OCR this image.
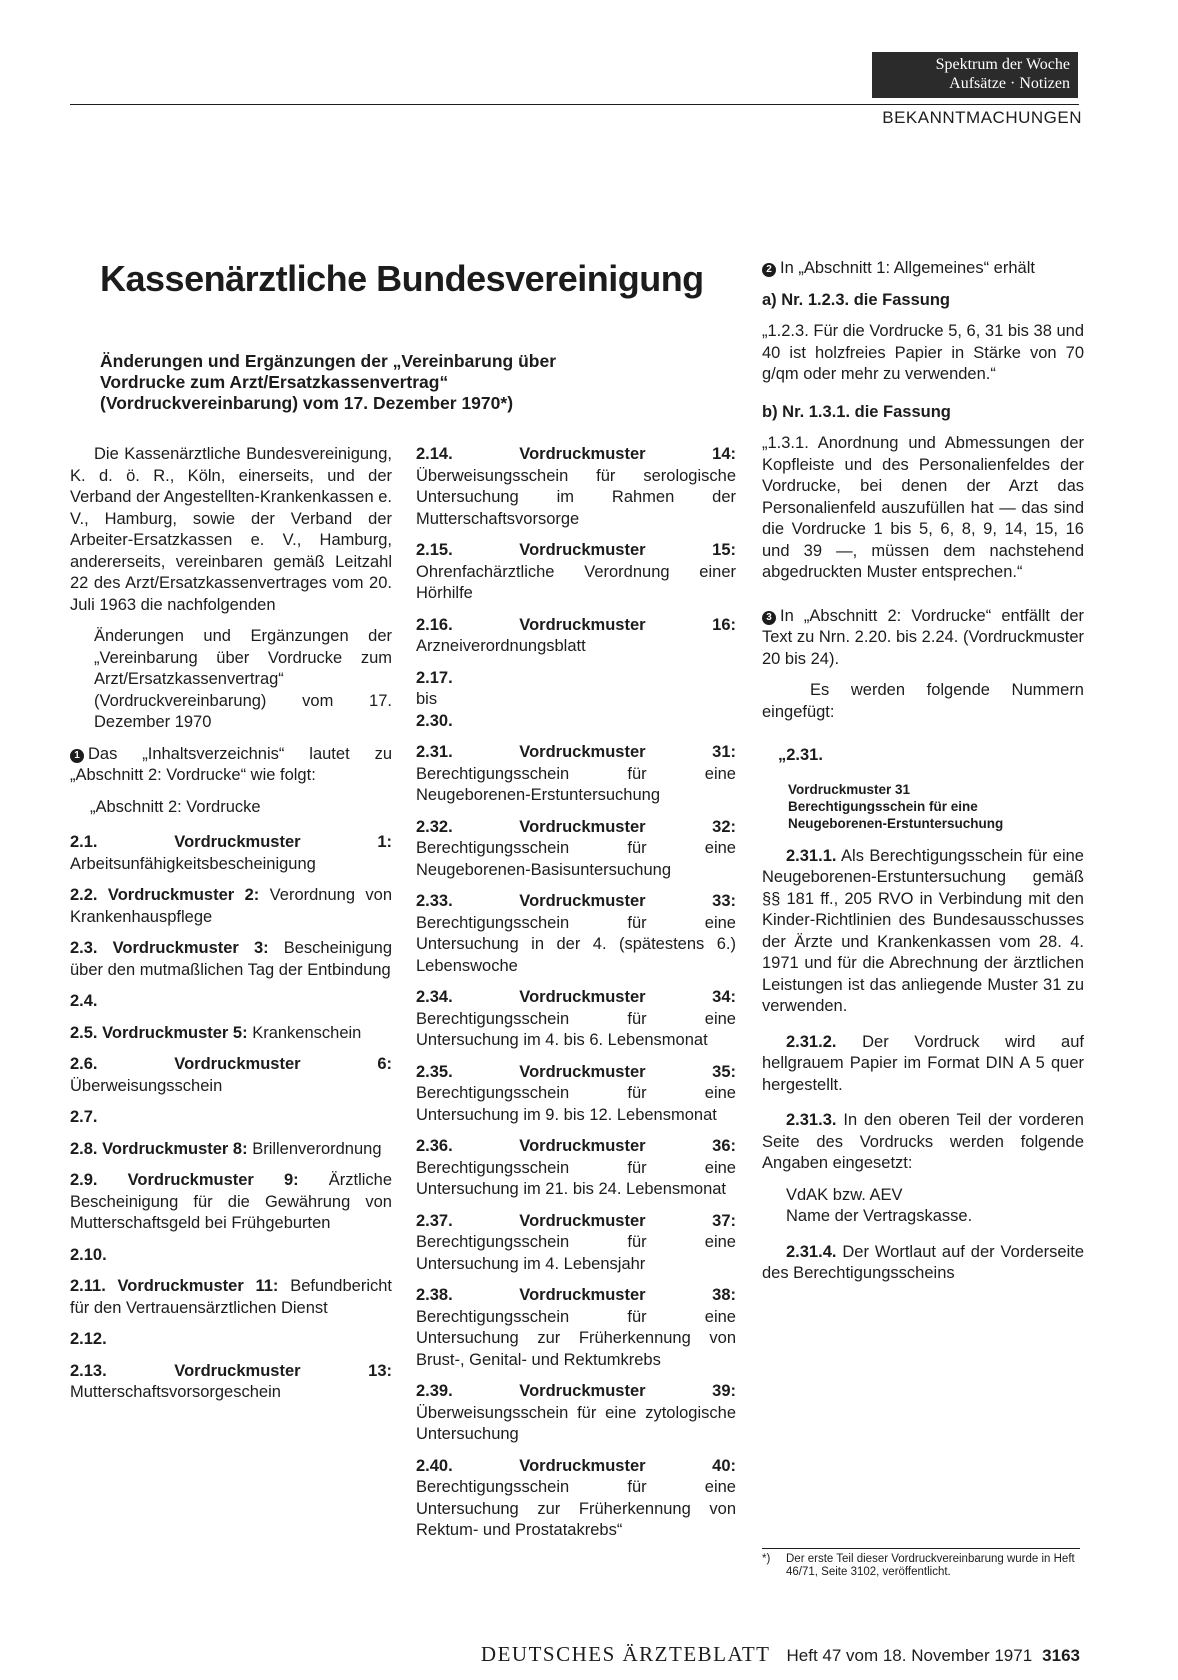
Spektrum der Woche
Aufsätze · Notizen
BEKANNTMACHUNGEN
Kassenärztliche Bundesvereinigung
Änderungen und Ergänzungen der „Vereinbarung über
Vordrucke zum Arzt/Ersatzkassenvertrag“
(Vordruckvereinbarung) vom 17. Dezember 1970*)

Die Kassenärztliche Bundesvereinigung, K. d. ö. R., Köln, einerseits, und der Verband der Angestellten-Krankenkassen e. V., Hamburg, sowie der Verband der Arbeiter-Ersatzkassen e. V., Hamburg, andererseits, vereinbaren gemäß Leitzahl 22 des Arzt/Ersatzkassenvertrages vom 20. Juli 1963 die nachfolgenden

Änderungen und Ergänzungen der „Vereinbarung über Vordrucke zum Arzt/Ersatzkassenvertrag“ (Vordruckvereinbarung) vom 17. Dezember 1970

1 Das „Inhaltsverzeichnis“ lautet zu „Abschnitt 2: Vordrucke“ wie folgt:

„Abschnitt 2: Vordrucke

2.1. Vordruckmuster 1: Arbeitsunfähigkeitsbescheinigung

2.2. Vordruckmuster 2: Verordnung von Krankenhauspflege

2.3. Vordruckmuster 3: Bescheinigung über den mutmaßlichen Tag der Entbindung

2.4.

2.5. Vordruckmuster 5: Krankenschein

2.6. Vordruckmuster 6: Überweisungsschein

2.7.

2.8. Vordruckmuster 8: Brillenverordnung

2.9. Vordruckmuster 9: Ärztliche Bescheinigung für die Gewährung von Mutterschaftsgeld bei Frühgeburten

2.10.

2.11. Vordruckmuster 11: Befundbericht für den Vertrauensärztlichen Dienst

2.12.

2.13. Vordruckmuster 13: Mutterschaftsvorsorgeschein

2.14. Vordruckmuster 14: Überweisungsschein für serologische Untersuchung im Rahmen der Mutterschaftsvorsorge

2.15. Vordruckmuster 15: Ohrenfachärztliche Verordnung einer Hörhilfe

2.16. Vordruckmuster 16: Arzneiverordnungsblatt

2.17.

bis

2.30.

2.31. Vordruckmuster 31: Berechtigungsschein für eine Neugeborenen-Erstuntersuchung

2.32. Vordruckmuster 32: Berechtigungsschein für eine Neugeborenen-Basisuntersuchung

2.33. Vordruckmuster 33: Berechtigungsschein für eine Untersuchung in der 4. (spätestens 6.) Lebenswoche

2.34. Vordruckmuster 34: Berechtigungsschein für eine Untersuchung im 4. bis 6. Lebensmonat

2.35. Vordruckmuster 35: Berechtigungsschein für eine Untersuchung im 9. bis 12. Lebensmonat

2.36. Vordruckmuster 36: Berechtigungsschein für eine Untersuchung im 21. bis 24. Lebensmonat

2.37. Vordruckmuster 37: Berechtigungsschein für eine Untersuchung im 4. Lebensjahr

2.38. Vordruckmuster 38: Berechtigungsschein für eine Untersuchung zur Früherkennung von Brust-, Genital- und Rektumkrebs

2.39. Vordruckmuster 39: Überweisungsschein für eine zytologische Untersuchung

2.40. Vordruckmuster 40: Berechtigungsschein für eine Untersuchung zur Früherkennung von Rektum- und Prostatakrebs“

2 In „Abschnitt 1: Allgemeines“ erhält

a) Nr. 1.2.3. die Fassung

„1.2.3. Für die Vordrucke 5, 6, 31 bis 38 und 40 ist holzfreies Papier in Stärke von 70 g/qm oder mehr zu verwenden.“

b) Nr. 1.3.1. die Fassung

„1.3.1. Anordnung und Abmessungen der Kopfleiste und des Personalienfeldes der Vordrucke, bei denen der Arzt das Personalienfeld auszufüllen hat — das sind die Vordrucke 1 bis 5, 6, 8, 9, 14, 15, 16 und 39 —, müssen dem nachstehend abgedruckten Muster entsprechen.“

3 In „Abschnitt 2: Vordrucke“ entfällt der Text zu Nrn. 2.20. bis 2.24. (Vordruckmuster 20 bis 24).

Es werden folgende Nummern eingefügt:

„2.31.

Vordruckmuster 31
Berechtigungsschein für eine
Neugeborenen-Erstuntersuchung

2.31.1. Als Berechtigungsschein für eine Neugeborenen-Erstuntersuchung gemäß §§ 181 ff., 205 RVO in Verbindung mit den Kinder-Richtlinien des Bundesausschusses der Ärzte und Krankenkassen vom 28. 4. 1971 und für die Abrechnung der ärztlichen Leistungen ist das anliegende Muster 31 zu verwenden.

2.31.2. Der Vordruck wird auf hellgrauem Papier im Format DIN A 5 quer hergestellt.

2.31.3. In den oberen Teil der vorderen Seite des Vordrucks werden folgende Angaben eingesetzt:

VdAK bzw. AEV
Name der Vertragskasse.

2.31.4. Der Wortlaut auf der Vorderseite des Berechtigungsscheins

*)	Der erste Teil dieser Vordruckvereinbarung wurde in Heft 46/71, Seite 3102, veröffentlicht.
DEUTSCHES ÄRZTEBLATT Heft 47 vom 18. November 1971 3163
